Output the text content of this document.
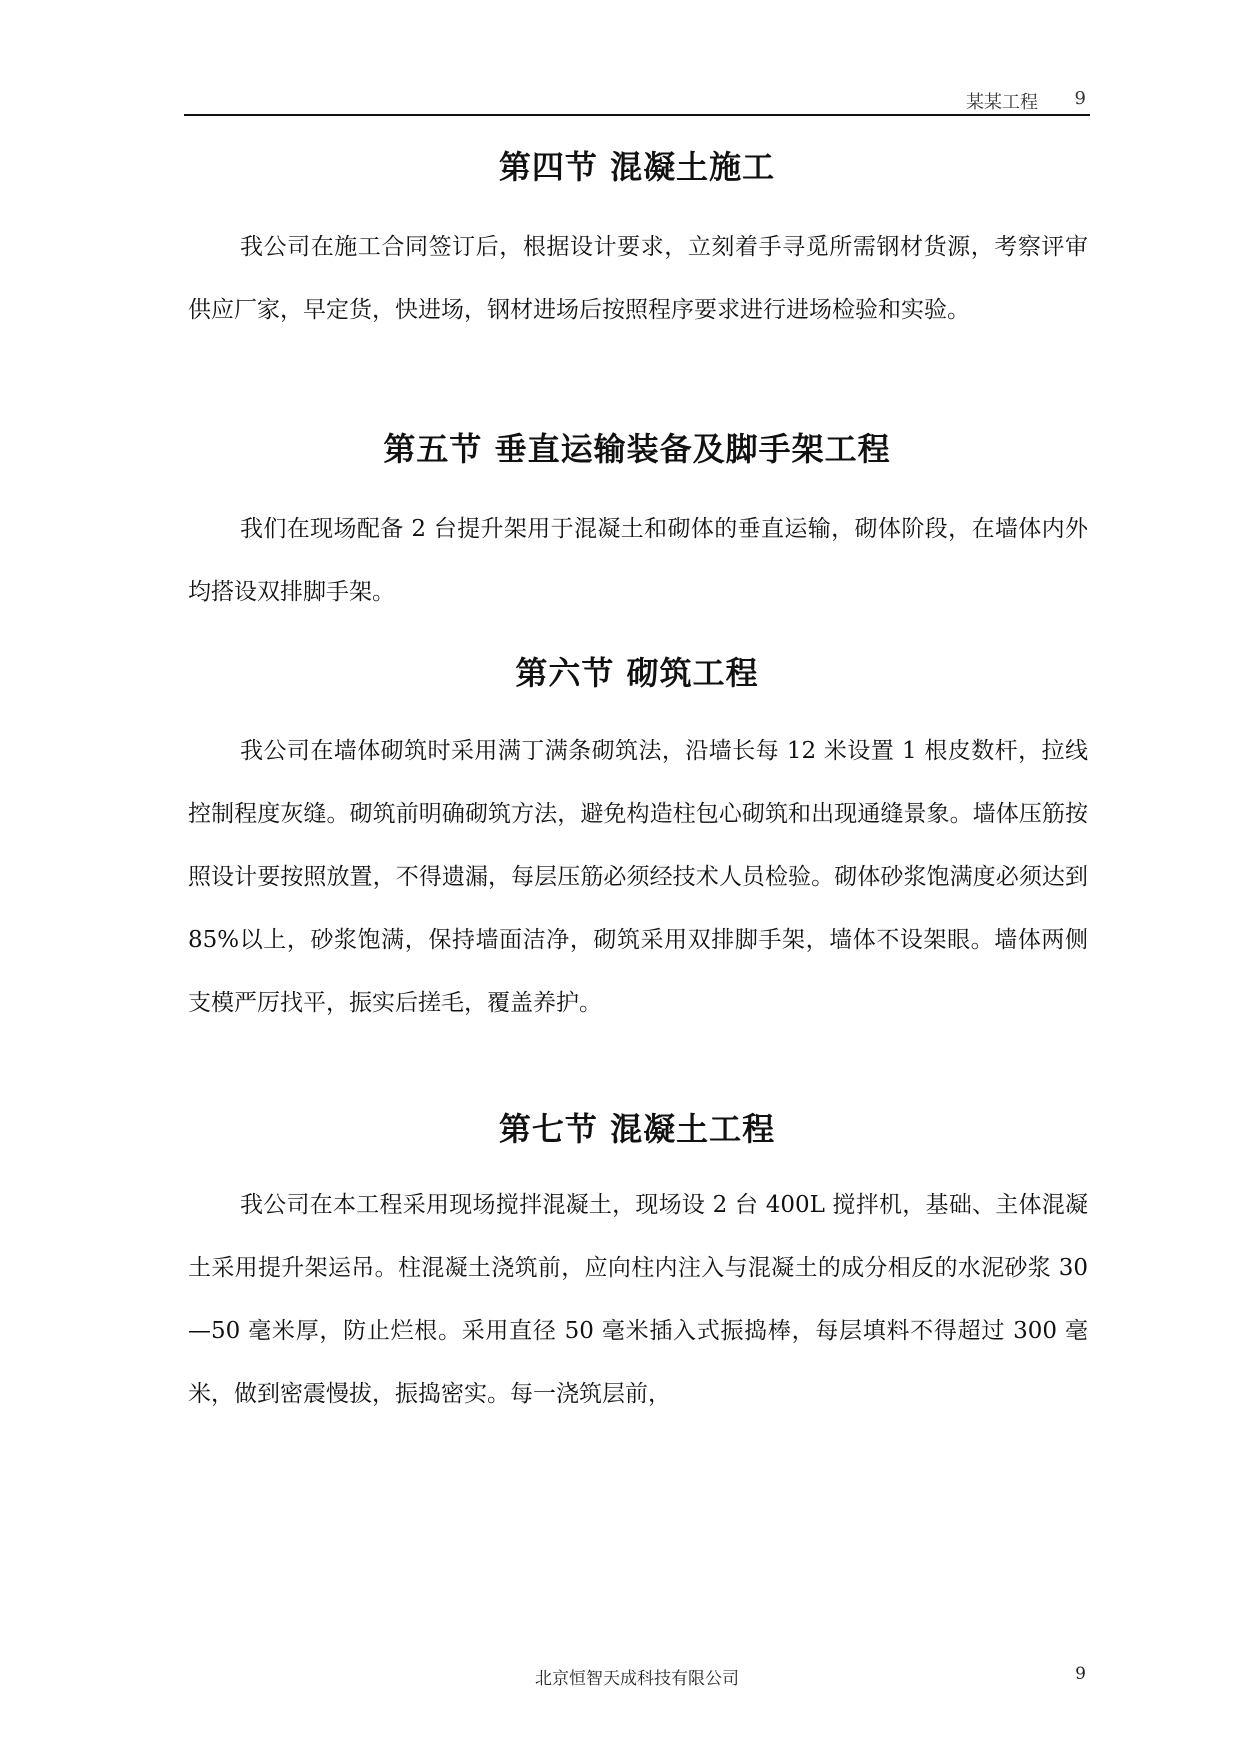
某某工程 9
第四节 混凝土施工

我公司在施工合同签订后，根据设计要求，立刻着手寻觅所需钢材货源，考察评审供应厂家，早定货，快进场，钢材进场后按照程序要求进行进场检验和实验。

第五节 垂直运输装备及脚手架工程

我们在现场配备 2 台提升架用于混凝土和砌体的垂直运输，砌体阶段，在墙体内外均搭设双排脚手架。

第六节 砌筑工程

我公司在墙体砌筑时采用满丁满条砌筑法，沿墙长每 12 米设置 1 根皮数杆，拉线控制程度灰缝。砌筑前明确砌筑方法，避免构造柱包心砌筑和出现通缝景象。墙体压筋按照设计要按照放置，不得遗漏，每层压筋必须经技术人员检验。砌体砂浆饱满度必须达到 85%以上，砂浆饱满，保持墙面洁净，砌筑采用双排脚手架，墙体不设架眼。墙体两侧支模严厉找平，振实后搓毛，覆盖养护。

第七节 混凝土工程

我公司在本工程采用现场搅拌混凝土，现场设 2 台 400L 搅拌机，基础、主体混凝土采用提升架运吊。柱混凝土浇筑前，应向柱内注入与混凝土的成分相反的水泥砂浆 30—50 毫米厚，防止烂根。采用直径 50 毫米插入式振捣棒，每层填料不得超过 300 毫米，做到密震慢拔，振捣密实。每一浇筑层前，

北京恒智天成科技有限公司	9
